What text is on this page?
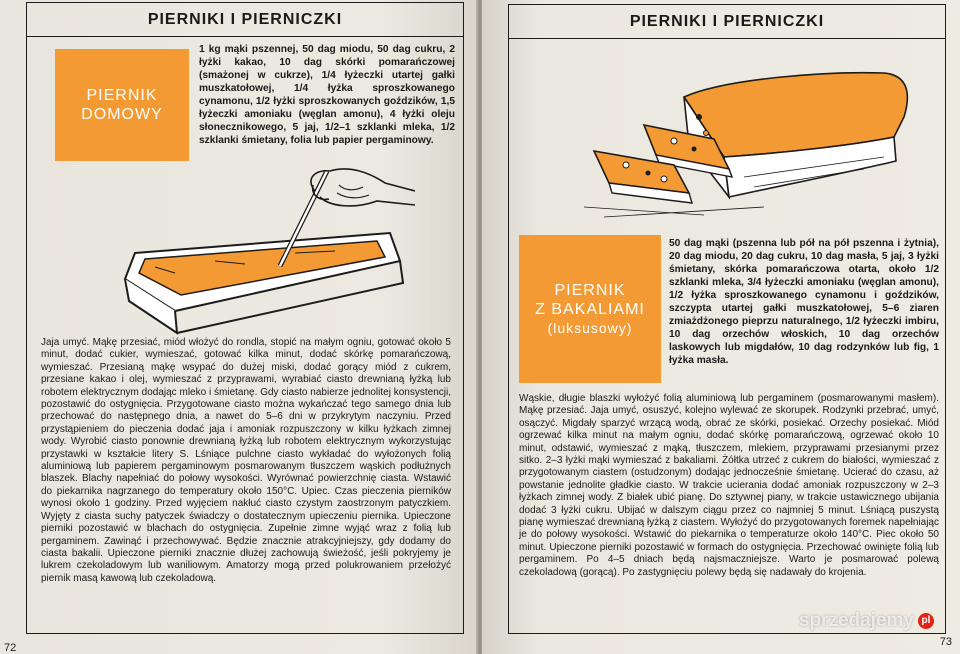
PIERNIKI I PIERNICZKI
PIERNIK
DOMOWY

1 kg mąki pszennej, 50 dag miodu, 50 dag cukru, 2 łyżki kakao, 10 dag skórki pomarańczowej (smażonej w cukrze), 1/4 łyżeczki utartej gałki muszkatołowej, 1/4 łyżka sproszkowanego cynamonu, 1/2 łyżki sproszkowanych goździków, 1,5 łyżeczki amoniaku (węglan amonu), 4 łyżki oleju słonecznikowego, 5 jaj, 1/2–1 szklanki mleka, 1/2 szklanki śmietany, folia lub papier pergaminowy.

Jaja umyć. Mąkę przesiać, miód włożyć do rondla, stopić na małym ogniu, gotować około 5 minut, dodać cukier, wymieszać, gotować kilka minut, dodać skórkę pomarańczową, wymieszać. Przesianą mąkę wsypać do dużej miski, dodać gorący miód z cukrem, przesiane kakao i olej, wymieszać z przyprawami, wyrabiać ciasto drewnianą łyżką lub robotem elektrycznym dodając mleko i śmietanę. Gdy ciasto nabierze jednolitej konsystencji, pozostawić do ostygnięcia. Przygotowane ciasto można wykańczać tego samego dnia lub przechować do następnego dnia, a nawet do 5–6 dni w przykrytym naczyniu. Przed przystąpieniem do pieczenia dodać jaja i amoniak rozpuszczony w kilku łyżkach zimnej wody. Wyrobić ciasto ponownie drewnianą łyżką lub robotem elektrycznym wykorzystując przystawki w kształcie litery S. Lśniące pulchne ciasto wykładać do wyłożonych folią aluminiową lub papierem pergaminowym posmarowanym tłuszczem wąskich podłużnych blaszek. Blachy napełniać do połowy wysokości. Wyrównać powierzchnię ciasta. Wstawić do piekarnika nagrzanego do temperatury około 150°C. Upiec. Czas pieczenia pierników wynosi około 1 godziny. Przed wyjęciem nakłuć ciasto czystym zaostrzonym patyczkiem. Wyjęty z ciasta suchy patyczek świadczy o dostatecznym upieczeniu piernika. Upieczone pierniki pozostawić w blachach do ostygnięcia. Zupełnie zimne wyjąć wraz z folią lub pergaminem. Zawinąć i przechowywać. Będzie znacznie atrakcyjniejszy, gdy dodamy do ciasta bakalii. Upieczone pierniki znacznie dłużej zachowują świeżość, jeśli pokryjemy je lukrem czekoladowym lub waniliowym. Amatorzy mogą przed polukrowaniem przełożyć piernik masą kawową lub czekoladową.

72
PIERNIKI I PIERNICZKI
PIERNIK
Z BAKALIAMI
(luksusowy)

50 dag mąki (pszenna lub pół na pół pszenna i żytnia), 20 dag miodu, 20 dag cukru, 10 dag masła, 5 jaj, 3 łyżki śmietany, skórka pomarańczowa otarta, około 1/2 szklanki mleka, 3/4 łyżeczki amoniaku (węglan amonu), 1/2 łyżka sproszkowanego cynamonu i goździków, szczypta utartej gałki muszkatołowej, 5–6 ziaren zmiażdżonego pieprzu naturalnego, 1/2 łyżeczki imbiru, 10 dag orzechów włoskich, 10 dag orzechów laskowych lub migdałów, 10 dag rodzynków lub fig, 1 łyżka masła.

Wąskie, długie blaszki wyłożyć folią aluminiową lub pergaminem (posmarowanymi masłem). Mąkę przesiać. Jaja umyć, osuszyć, kolejno wylewać ze skorupek. Rodzynki przebrać, umyć, osączyć. Migdały sparzyć wrzącą wodą, obrać ze skórki, posiekać. Orzechy posiekać. Miód ogrzewać kilka minut na małym ogniu, dodać skórkę pomarańczową, ogrzewać około 10 minut, odstawić, wymieszać z mąką, tłuszczem, mlekiem, przyprawami przesianymi przez sitko. 2–3 łyżki mąki wymieszać z bakaliami. Żółtka utrzeć z cukrem do białości, wymieszać z przygotowanym ciastem (ostudzonym) dodając jednocześnie śmietanę. Ucierać do czasu, aż powstanie jednolite gładkie ciasto. W trakcie ucierania dodać amoniak rozpuszczony w 2–3 łyżkach zimnej wody. Z białek ubić pianę. Do sztywnej piany, w trakcie ustawicznego ubijania dodać 3 łyżki cukru. Ubijać w dalszym ciągu przez co najmniej 5 minut. Lśniącą puszystą pianę wymieszać drewnianą łyżką z ciastem. Wyłożyć do przygotowanych foremek napełniając je do połowy wysokości. Wstawić do piekarnika o temperaturze około 140°C. Piec około 50 minut. Upieczone pierniki pozostawić w formach do ostygnięcia. Przechować owinięte folią lub pergaminem. Po 4–5 dniach będą najsmaczniejsze. Warto je posmarować polewą czekoladową (gorącą). Po zastygnięciu polewy będą się nadawały do krojenia.

73
sprzedajemy pl
